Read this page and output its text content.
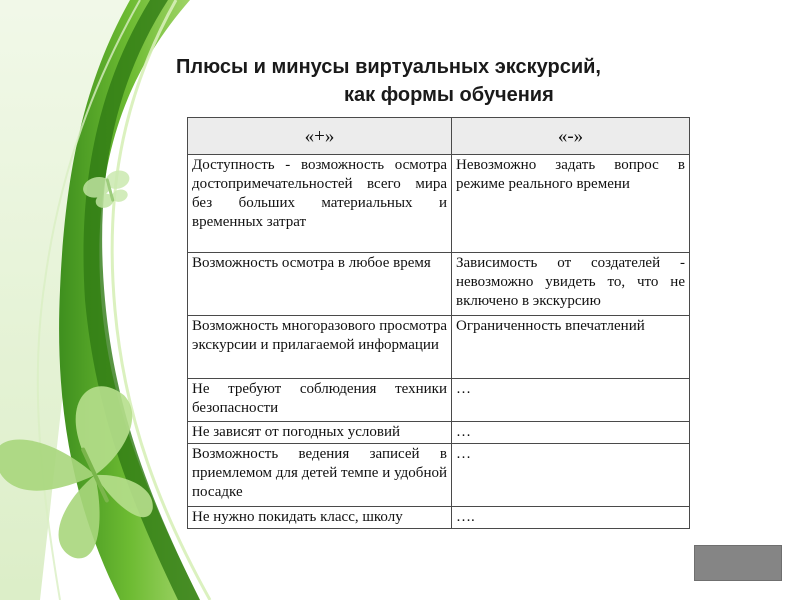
Плюсы и минусы виртуальных экскурсий,
как формы обучения
«+»	«-»
Доступность - возможность осмотра достопримечательностей всего мира без больших материальных и временных затрат	Невозможно задать вопрос в режиме реального времени
Возможность осмотра в любое время	Зависимость от создателей - невозможно увидеть то, что не включено в экскурсию
Возможность многоразового просмотра экскурсии и прилагаемой информации	Ограниченность впечатлений
Не требуют соблюдения техники безопасности	…
Не зависят от погодных условий	…
Возможность ведения записей в приемлемом для детей темпе и удобной посадке	…
Не нужно покидать класс, школу	….
